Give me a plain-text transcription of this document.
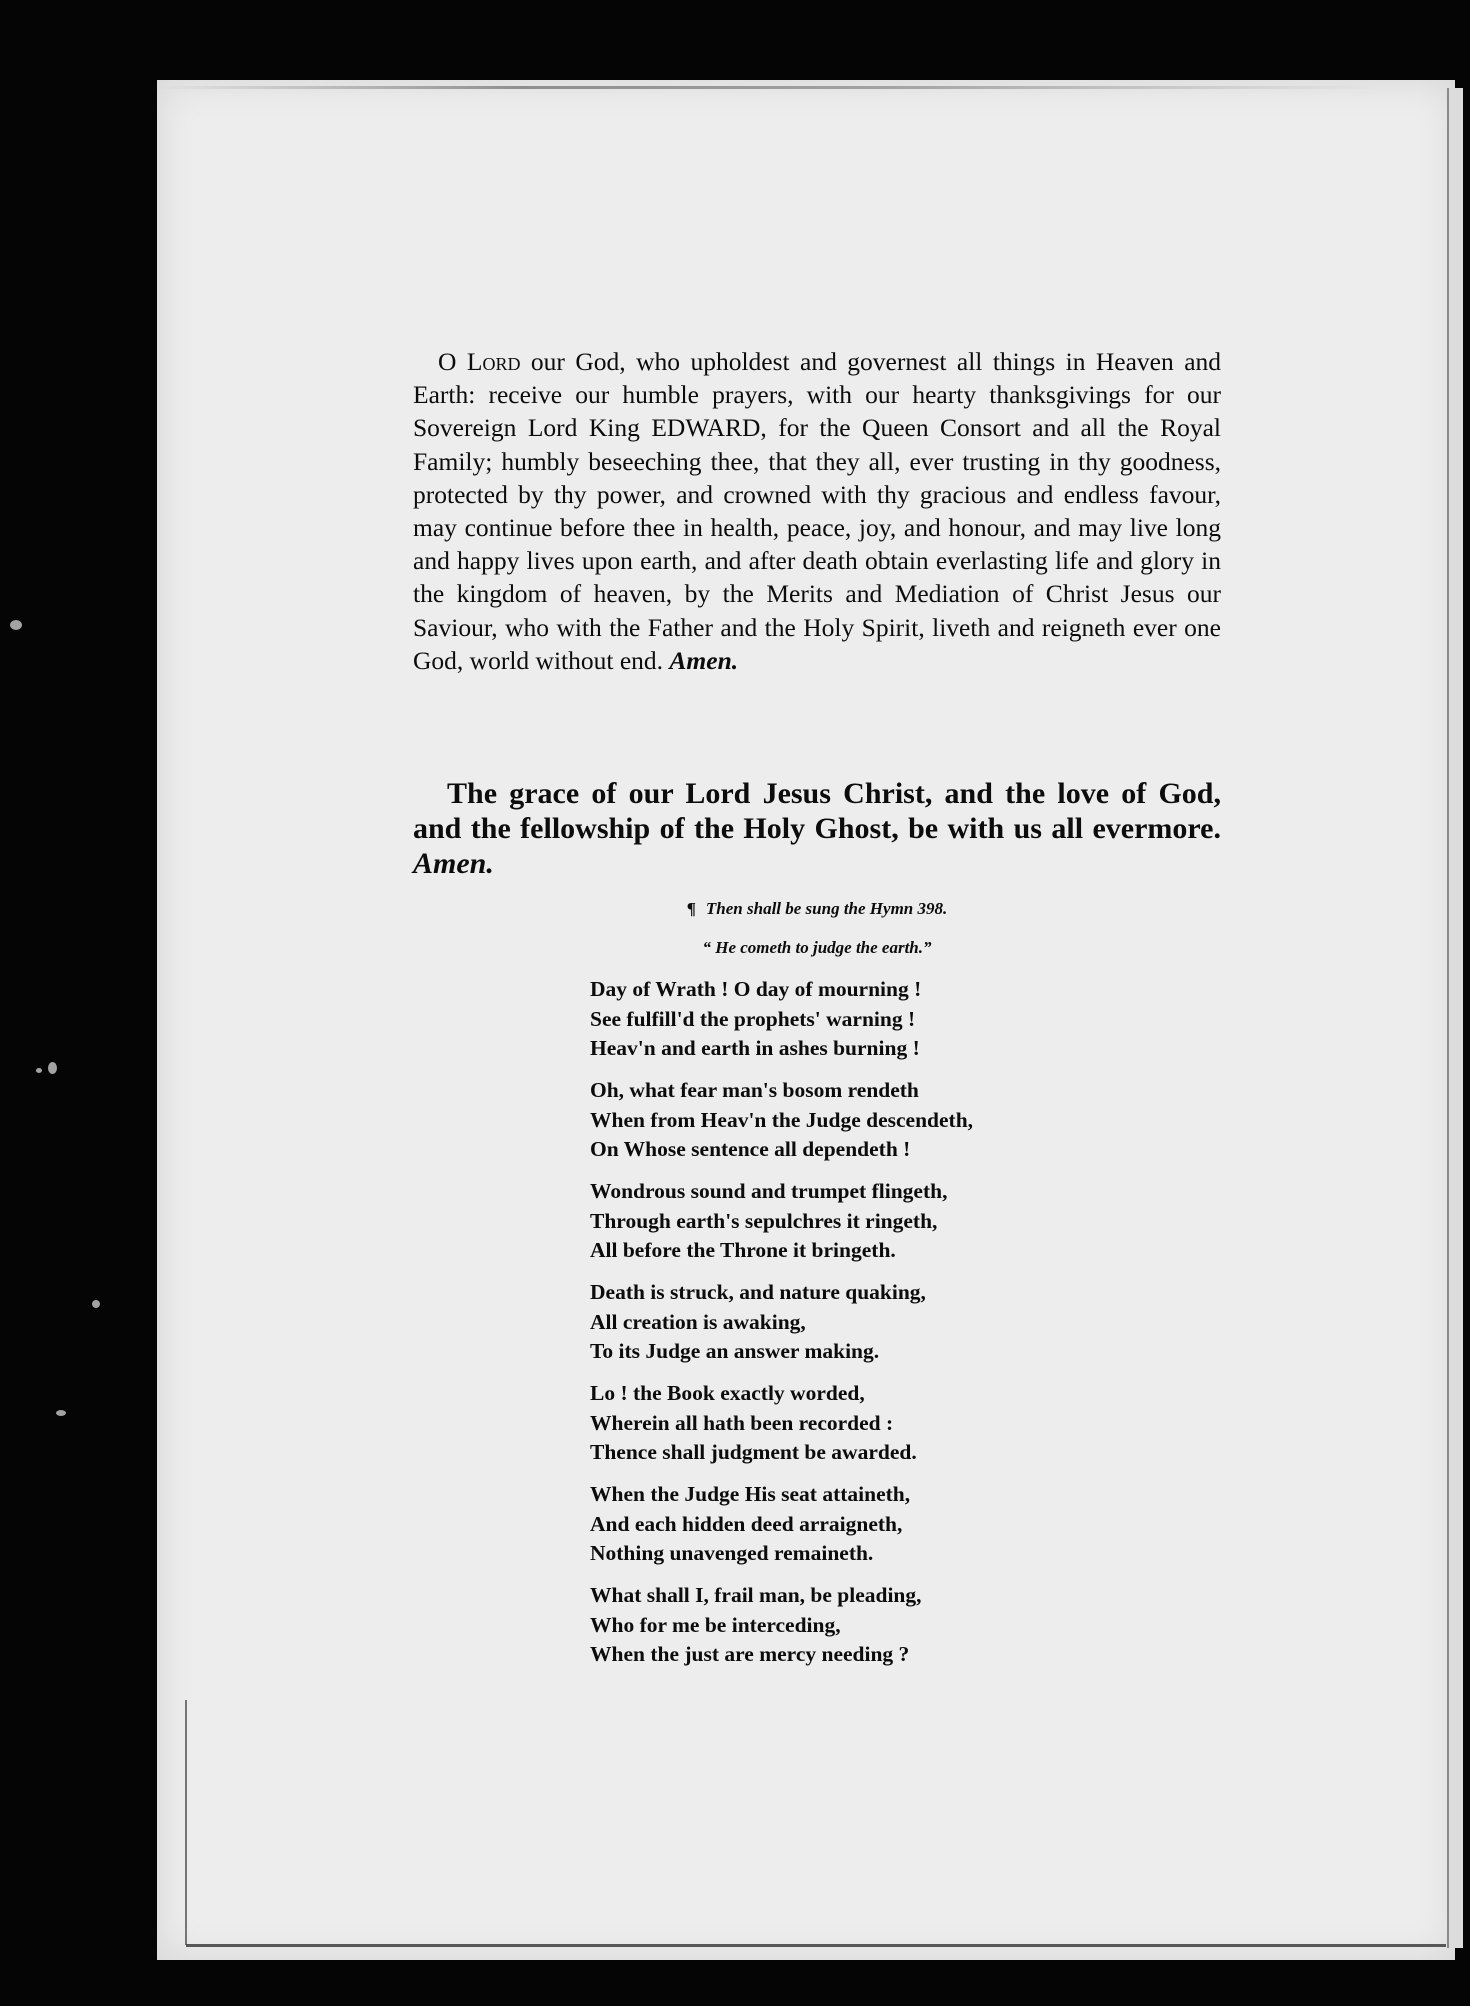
O Lord our God, who upholdest and governest all things in Heaven and Earth: receive our humble prayers, with our hearty thanksgivings for our Sovereign Lord King EDWARD, for the Queen Consort and all the Royal Family; humbly beseeching thee, that they all, ever trusting in thy goodness, protected by thy power, and crowned with thy gracious and endless favour, may continue before thee in health, peace, joy, and honour, and may live long and happy lives upon earth, and after death obtain everlasting life and glory in the kingdom of heaven, by the Merits and Mediation of Christ Jesus our Saviour, who with the Father and the Holy Spirit, liveth and reigneth ever one God, world without end. Amen.

The grace of our Lord Jesus Christ, and the love of God, and the fellowship of the Holy Ghost, be with us all evermore. Amen.

¶ Then shall be sung the Hymn 398.

“ He cometh to judge the earth.”

Day of Wrath ! O day of mourning !
See fulfill'd the prophets' warning !
Heav'n and earth in ashes burning !
Oh, what fear man's bosom rendeth
When from Heav'n the Judge descendeth,
On Whose sentence all dependeth !
Wondrous sound and trumpet flingeth,
Through earth's sepulchres it ringeth,
All before the Throne it bringeth.
Death is struck, and nature quaking,
All creation is awaking,
To its Judge an answer making.
Lo ! the Book exactly worded,
Wherein all hath been recorded :
Thence shall judgment be awarded.
When the Judge His seat attaineth,
And each hidden deed arraigneth,
Nothing unavenged remaineth.
What shall I, frail man, be pleading,
Who for me be interceding,
When the just are mercy needing ?
